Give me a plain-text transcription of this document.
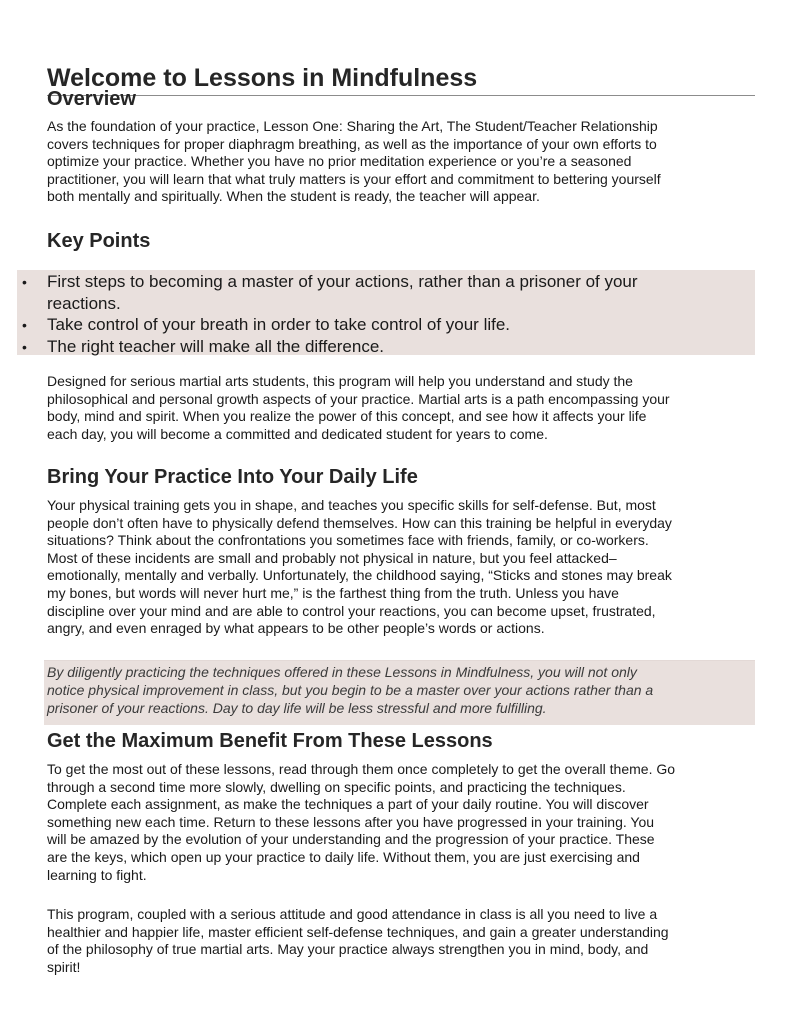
Welcome to Lessons in Mindfulness
Overview

As the foundation of your practice, Lesson One: Sharing the Art, The Student/Teacher Relationship
covers techniques for proper diaphragm breathing, as well as the importance of your own efforts to
optimize your practice. Whether you have no prior meditation experience or you’re a seasoned
practitioner, you will learn that what truly matters is your effort and commitment to bettering yourself
both mentally and spiritually. When the student is ready, the teacher will appear.

Key Points
• First steps to becoming a master of your actions, rather than a prisoner of your
reactions.
• Take control of your breath in order to take control of your life.
• The right teacher will make all the difference.

Designed for serious martial arts students, this program will help you understand and study the
philosophical and personal growth aspects of your practice. Martial arts is a path encompassing your
body, mind and spirit. When you realize the power of this concept, and see how it affects your life
each day, you will become a committed and dedicated student for years to come.

Bring Your Practice Into Your Daily Life

Your physical training gets you in shape, and teaches you specific skills for self-defense. But, most
people don’t often have to physically defend themselves. How can this training be helpful in everyday
situations? Think about the confrontations you sometimes face with friends, family, or co-workers.
Most of these incidents are small and probably not physical in nature, but you feel attacked–
emotionally, mentally and verbally. Unfortunately, the childhood saying, “Sticks and stones may break
my bones, but words will never hurt me,” is the farthest thing from the truth. Unless you have
discipline over your mind and are able to control your reactions, you can become upset, frustrated,
angry, and even enraged by what appears to be other people’s words or actions.

By diligently practicing the techniques offered in these Lessons in Mindfulness, you will not only
notice physical improvement in class, but you begin to be a master over your actions rather than a
prisoner of your reactions. Day to day life will be less stressful and more fulfilling.

Get the Maximum Benefit From These Lessons

To get the most out of these lessons, read through them once completely to get the overall theme. Go
through a second time more slowly, dwelling on specific points, and practicing the techniques.
Complete each assignment, as make the techniques a part of your daily routine. You will discover
something new each time. Return to these lessons after you have progressed in your training. You
will be amazed by the evolution of your understanding and the progression of your practice. These
are the keys, which open up your practice to daily life. Without them, you are just exercising and
learning to fight.

This program, coupled with a serious attitude and good attendance in class is all you need to live a
healthier and happier life, master efficient self-defense techniques, and gain a greater understanding
of the philosophy of true martial arts. May your practice always strengthen you in mind, body, and
spirit!
